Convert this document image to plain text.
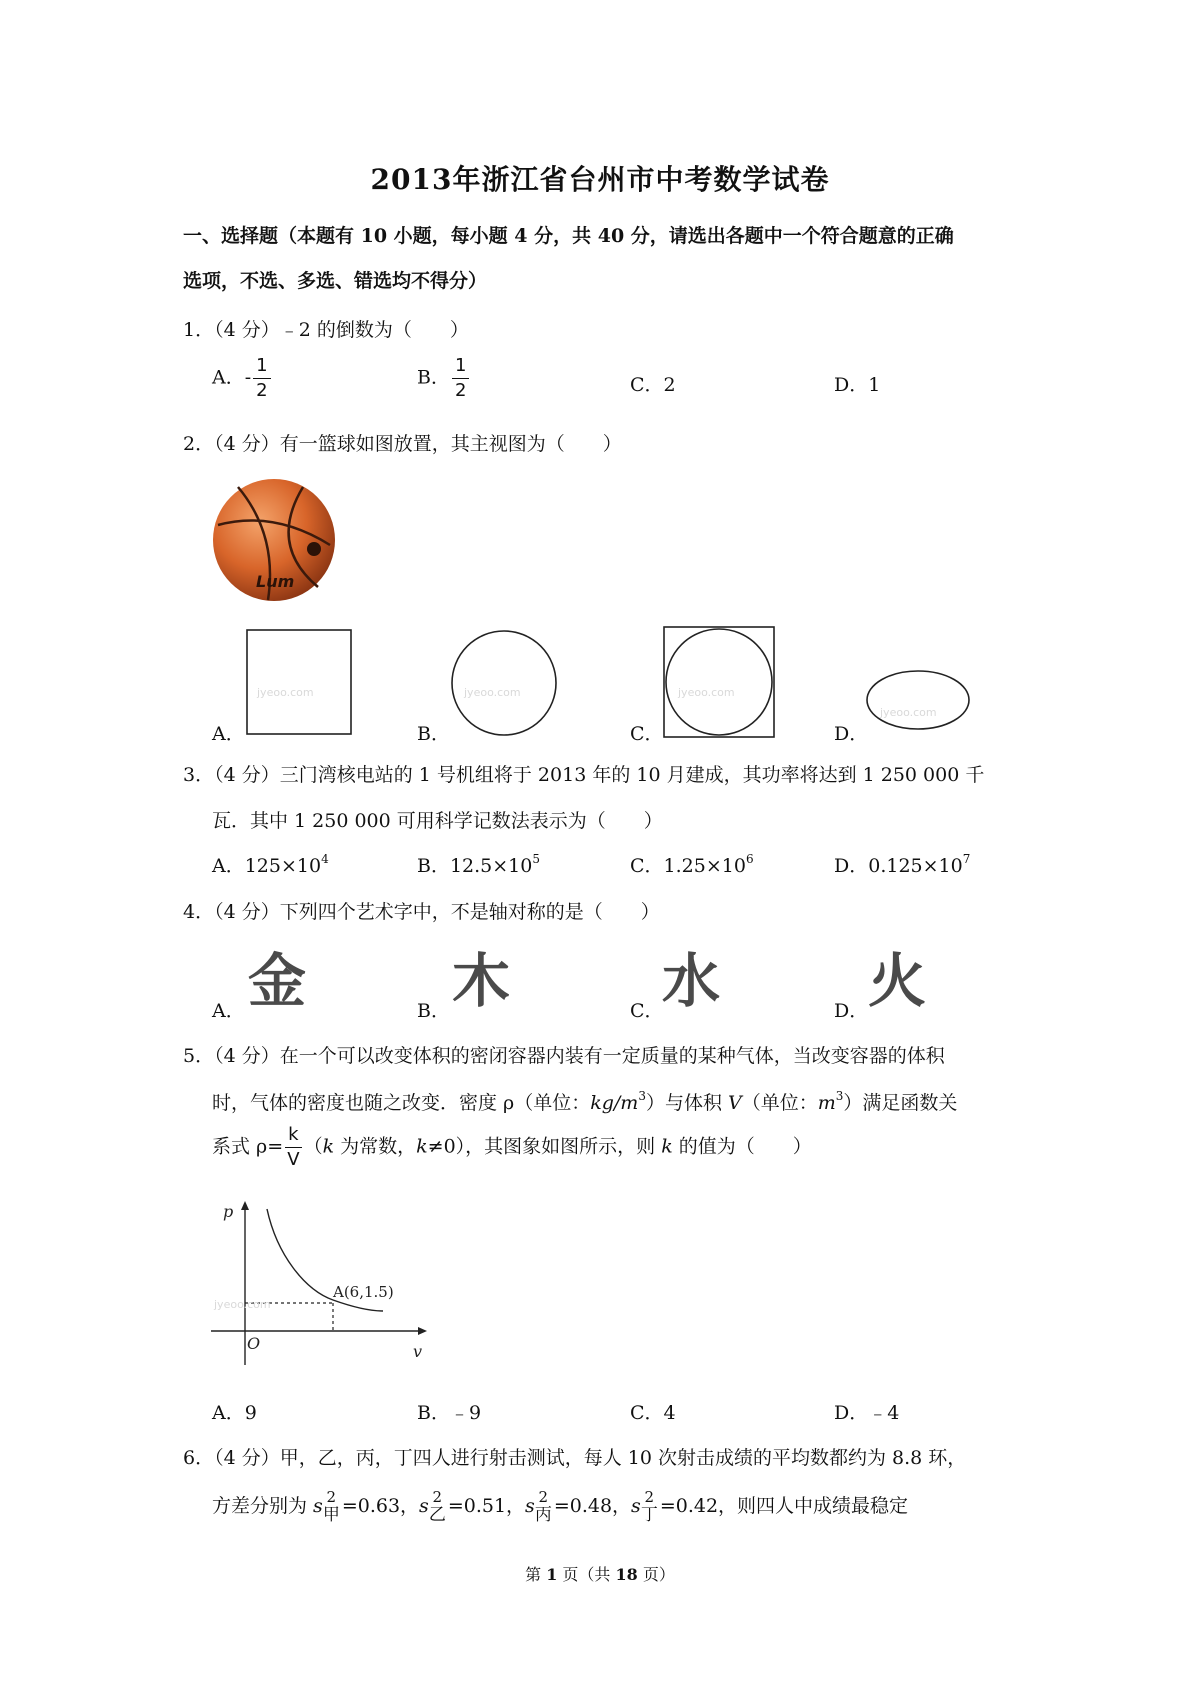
2013年浙江省台州市中考数学试卷
一、选择题（本题有 10 小题，每小题 4 分，共 40 分，请选出各题中一个符合题意的正确
选项，不选、多选、错选均不得分）
1．（4 分）﹣2 的倒数为（　　）
A．- $\frac{1}{2}$	B． $\frac{1}{2}$	C．2	D．1
2．（4 分）有一篮球如图放置，其主视图为（　　）
Lum
A．
jyeoo.com
B．
jyeoo.com
C．
jyeoo.com
D．
jyeoo.com
3．（4 分）三门湾核电站的 1 号机组将于 2013 年的 10 月建成，其功率将达到 1 250 000 千
瓦．其中 1 250 000 可用科学记数法表示为（　　）
A．$125\times 10^4$	B．$12.5\times 10^5$	C．$1.25\times 10^6$	D．$0.125\times 10^7$
4．（4 分）下列四个艺术字中，不是轴对称的是（　　）
A． 金	B． 木	C．
水	D． 火
5．（4 分）在一个可以改变体积的密闭容器内装有一定质量的某种气体，当改变容器的体积
时，气体的密度也随之改变．密度 ρ（单位：$kg/m^3$）与体积 V（单位：$m^3$）满足函数关
系式 $\rho= \frac{k}{V} (k$ 为常数，k≠0），其图象如图所示，则 k 的值为（　　）
p
v
O
A(6,1.5)
jyeoo.com
A．9	B．﹣9	C．4	D．﹣4
6．（4 分）甲，乙，丙，丁四人进行射击测试，每人 10 次射击成绩的平均数都约为 8.8 环，
方差分别为 s 2
甲 =0.63，s 2
乙 =0.51，s 2
丙 =0.48，s 2
丁 =0.42，则四人中成绩最稳定
第 1 页（共 18 页）
